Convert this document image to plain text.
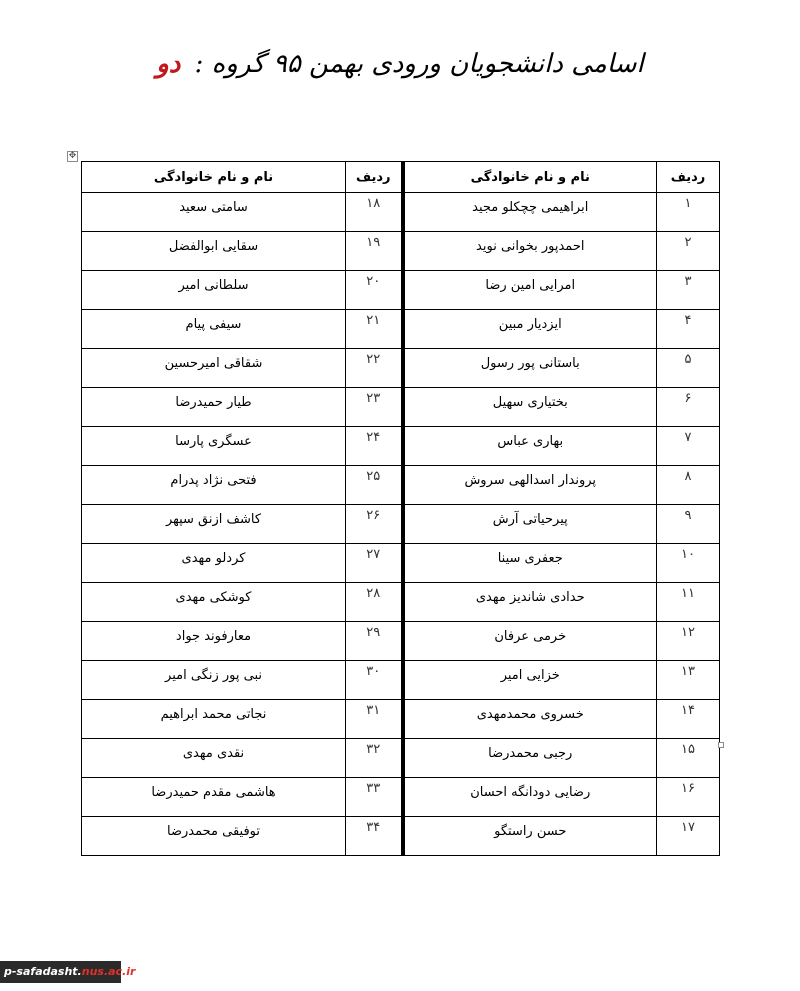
اسامی دانشجویان ورودی بهمن ۹۵ گروه : دو
✥
ردیف	نام و نام خانوادگی	ردیف	نام و نام خانوادگی
۱	ابراهیمی چچکلو مجید	۱۸	سامتی سعید
۲	احمدپور بخوانی نوید	۱۹	سقایی ابوالفضل
۳	امرایی امین رضا	۲۰	سلطانی امیر
۴	ایزدیار مبین	۲۱	سیفی پیام
۵	باستانی پور رسول	۲۲	شقاقی امیرحسین
۶	بختیاری سهیل	۲۳	طیار حمیدرضا
۷	بهاری عباس	۲۴	عسگری پارسا
۸	پروندار اسدالهی سروش	۲۵	فتحی نژاد پدرام
۹	پیرحیاتی آرش	۲۶	کاشف ازنق سپهر
۱۰	جعفری سینا	۲۷	کردلو مهدی
۱۱	حدادی شاندیز مهدی	۲۸	کوشکی مهدی
۱۲	خرمی عرفان	۲۹	معارفوند جواد
۱۳	خزایی امیر	۳۰	نبی پور زنگی امیر
۱۴	خسروی محمدمهدی	۳۱	نجاتی محمد ابراهیم
۱۵	رجبی محمدرضا	۳۲	نقدی مهدی
۱۶	رضایی دودانگه احسان	۳۳	هاشمی مقدم حمیدرضا
۱۷	حسن راستگو	۳۴	توفیقی محمدرضا
p-safadasht.nus.ac.ir
